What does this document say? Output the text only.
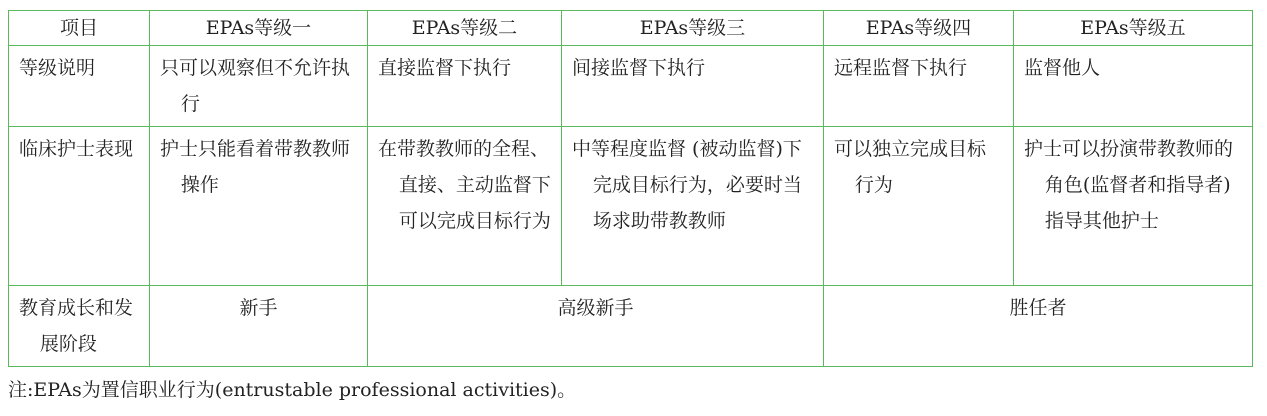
项目	EPAs等级一	EPAs等级二	EPAs等级三	EPAs等级四	EPAs等级五

等级说明	只可以观察但不允许执行	直接监督下执行	间接监督下执行	远程监督下执行	监督他人

临床护士表现	护士只能看着带教教师操作	在带教教师的全程、直接、主动监督下可以完成目标行为	中等程度监督 (被动监督)下完成目标行为，必要时当场求助带教教师	可以独立完成目标行为	护士可以扮演带教教师的角色(监督者和指导者)指导其他护士

教育成长和发展阶段	新手	高级新手		胜任者	
注:EPAs为置信职业行为(entrustable professional activities)。
